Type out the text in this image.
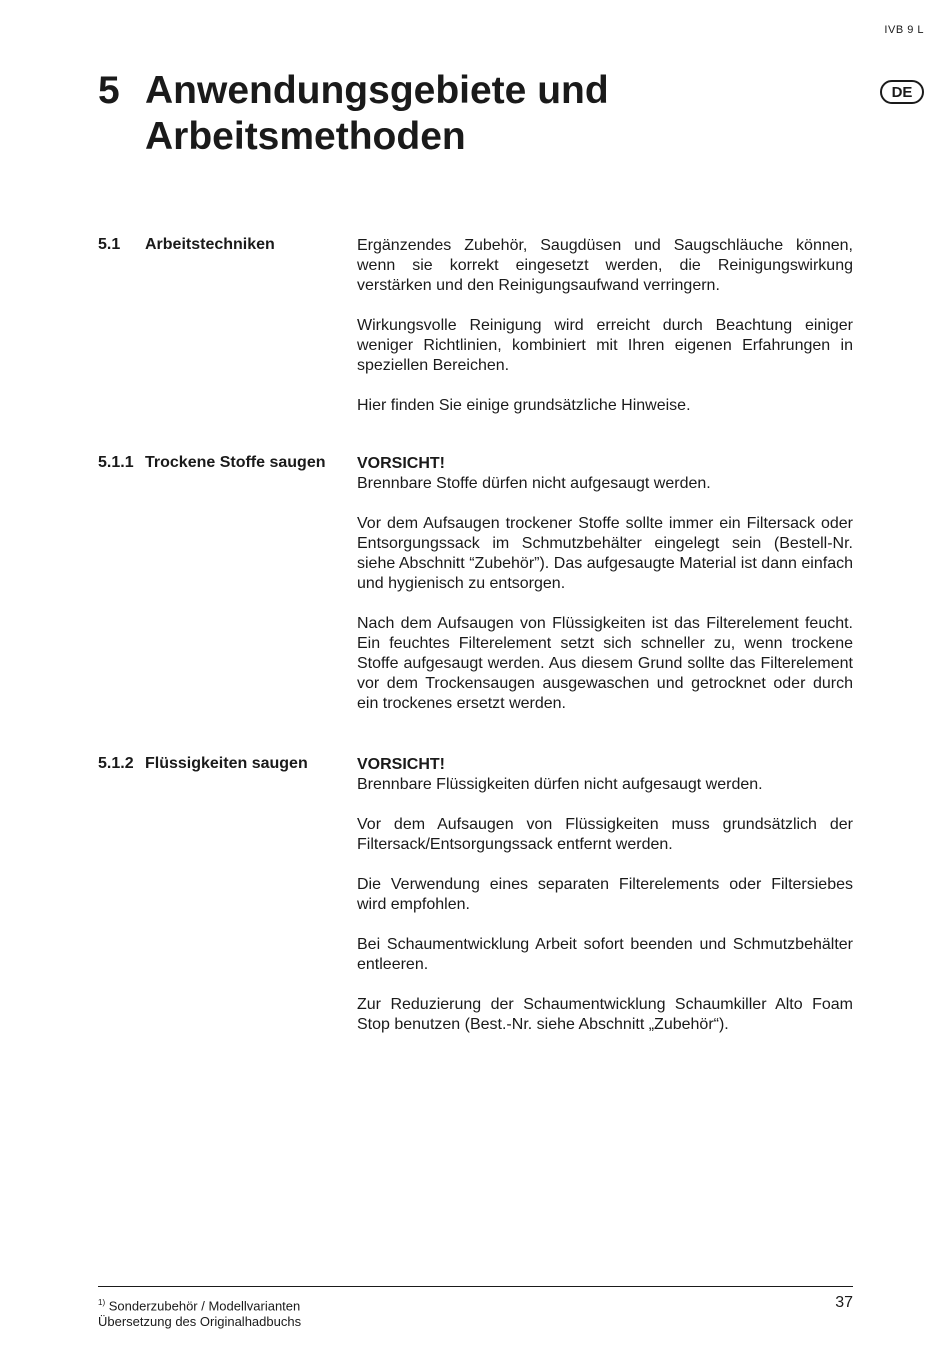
IVB 9 L
DE
5 Anwendungsgebiete und
Arbeitsmethoden
5.1	Arbeitstechniken	Ergänzendes Zubehör, Saugdüsen und Saugschläuche können, wenn sie korrekt eingesetzt werden, die Reinigungswirkung verstärken und den Reinigungsaufwand verringern.

Wirkungsvolle Reinigung wird erreicht durch Beachtung einiger weniger Richtlinien, kombiniert mit Ihren eigenen Erfahrungen in speziellen Bereichen.

Hier finden Sie einige grundsätzliche Hinweise.

5.1.1 Trockene Stoffe saugen VORSICHT!
Brennbare Stoffe dürfen nicht aufgesaugt werden.

Vor dem Aufsaugen trockener Stoffe sollte immer ein Filtersack oder Entsorgungssack im Schmutzbehälter eingelegt sein (Bestell-Nr. siehe Abschnitt “Zubehör”). Das aufgesaugte Material ist dann einfach und hygienisch zu entsorgen.

Nach dem Aufsaugen von Flüssigkeiten ist das Filterelement feucht. Ein feuchtes Filterelement setzt sich schneller zu, wenn trockene Stoffe aufgesaugt werden. Aus diesem Grund sollte das Filterelement vor dem Trockensaugen ausgewaschen und getrocknet oder durch ein trockenes ersetzt werden.

5.1.2 Flüssigkeiten saugen	VORSICHT!
Brennbare Flüssigkeiten dürfen nicht aufgesaugt werden.

Vor dem Aufsaugen von Flüssigkeiten muss grundsätzlich der Filtersack/Entsorgungssack entfernt werden.

Die Verwendung eines separaten Filterelements oder Filtersiebes wird empfohlen.

Bei Schaumentwicklung Arbeit sofort beenden und Schmutzbehälter entleeren.

Zur Reduzierung der Schaumentwicklung Schaumkiller Alto Foam Stop benutzen (Best.-Nr. siehe Abschnitt „Zubehör“).

$^{1)}$ Sonderzubehör / Modellvarianten
Übersetzung des Originalhadbuchs
37
